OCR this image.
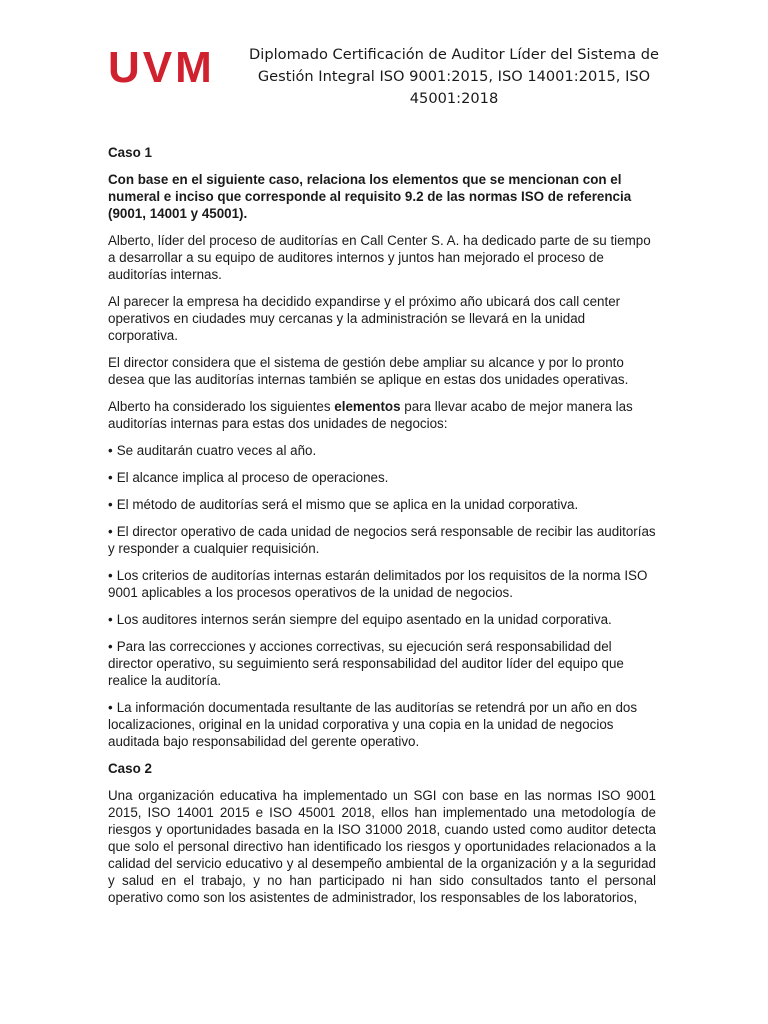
UVM Diplomado Certificación de Auditor Líder del Sistema de
Gestión Integral ISO 9001:2015, ISO 14001:2015, ISO
45001:2018

Caso 1

Con base en el siguiente caso, relaciona los elementos que se mencionan con el numeral e inciso que corresponde al requisito 9.2 de las normas ISO de referencia (9001, 14001 y 45001).

Alberto, líder del proceso de auditorías en Call Center S. A. ha dedicado parte de su tiempo a desarrollar a su equipo de auditores internos y juntos han mejorado el proceso de auditorías internas.

Al parecer la empresa ha decidido expandirse y el próximo año ubicará dos call center operativos en ciudades muy cercanas y la administración se llevará en la unidad corporativa.

El director considera que el sistema de gestión debe ampliar su alcance y por lo pronto desea que las auditorías internas también se aplique en estas dos unidades operativas.

Alberto ha considerado los siguientes elementos para llevar acabo de mejor manera las auditorías internas para estas dos unidades de negocios:

• Se auditarán cuatro veces al año.
• El alcance implica al proceso de operaciones.
• El método de auditorías será el mismo que se aplica en la unidad corporativa.
• El director operativo de cada unidad de negocios será responsable de recibir las auditorías y responder a cualquier requisición.
• Los criterios de auditorías internas estarán delimitados por los requisitos de la norma ISO 9001 aplicables a los procesos operativos de la unidad de negocios.
• Los auditores internos serán siempre del equipo asentado en la unidad corporativa.
• Para las correcciones y acciones correctivas, su ejecución será responsabilidad del director operativo, su seguimiento será responsabilidad del auditor líder del equipo que realice la auditoría.
• La información documentada resultante de las auditorías se retendrá por un año en dos localizaciones, original en la unidad corporativa y una copia en la unidad de negocios auditada bajo responsabilidad del gerente operativo.

Caso 2

Una organización educativa ha implementado un SGI con base en las normas ISO 9001 2015, ISO 14001 2015 e ISO 45001 2018, ellos han implementado una metodología de riesgos y oportunidades basada en la ISO 31000 2018, cuando usted como auditor detecta que solo el personal directivo han identificado los riesgos y oportunidades relacionados a la calidad del servicio educativo y al desempeño ambiental de la organización y a la seguridad y salud en el trabajo, y no han participado ni han sido consultados tanto el personal operativo como son los asistentes de administrador, los responsables de los laboratorios,
